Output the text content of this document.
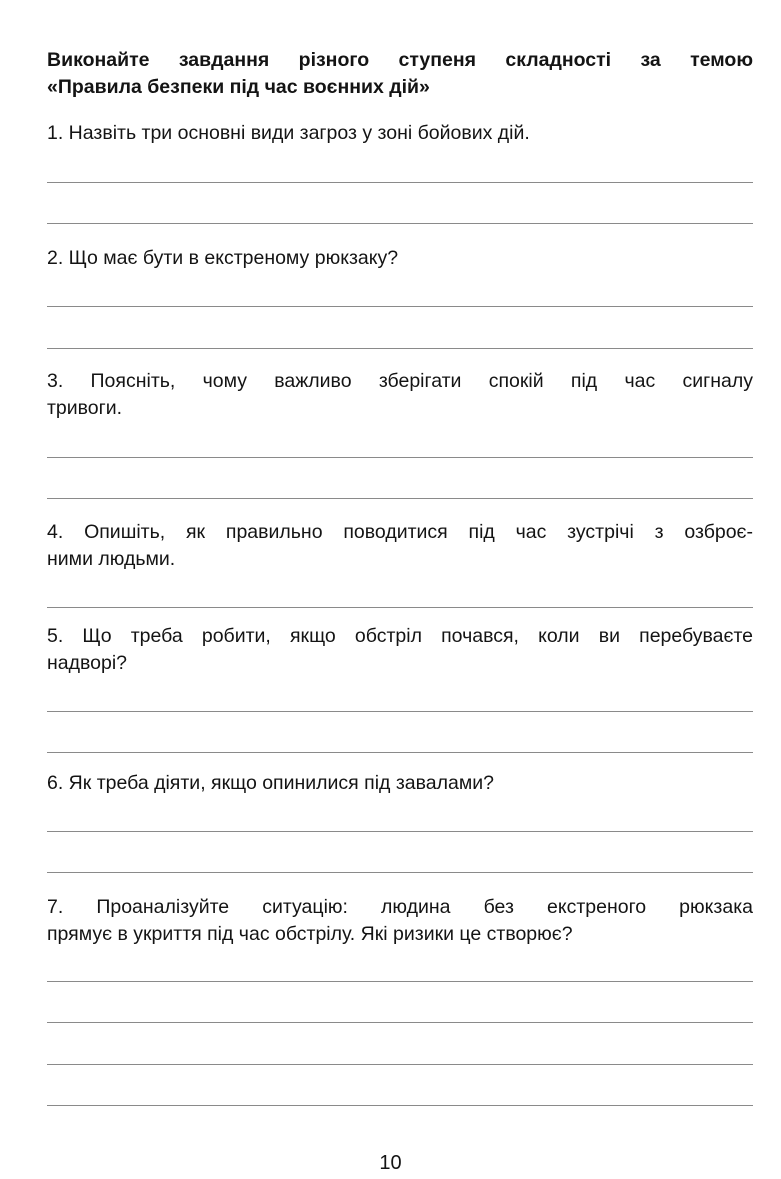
Виконайте завдання різного ступеня складності за темою
«Правила безпеки під час воєнних дій»
1. Назвіть три основні види загроз у зоні бойових дій.
2. Що має бути в екстреному рюкзаку?
3. Поясніть, чому важливо зберігати спокій під час сигналу
тривоги.
4. Опишіть, як правильно поводитися під час зустрічі з озброє-
ними людьми.
5. Що треба робити, якщо обстріл почався, коли ви перебуваєте
надворі?
6. Як треба діяти, якщо опинилися під завалами?
7. Проаналізуйте ситуацію: людина без екстреного рюкзака
прямує в укриття під час обстрілу. Які ризики це створює?
10
